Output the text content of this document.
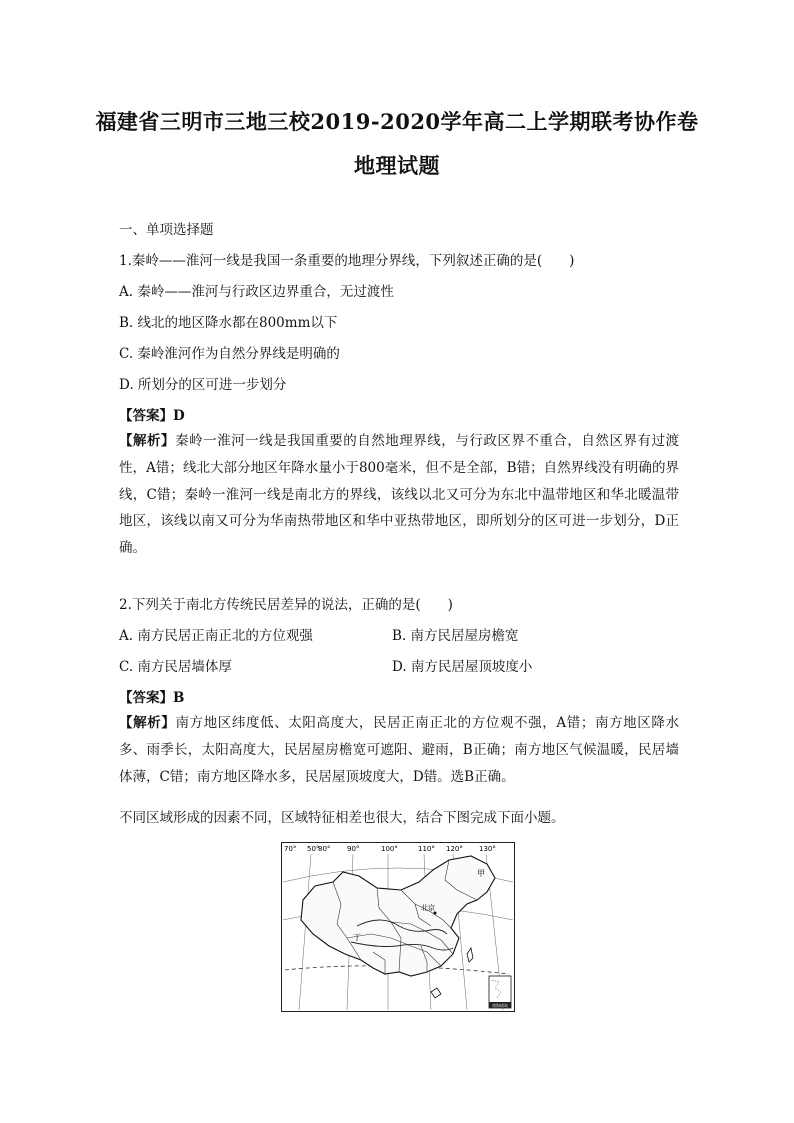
福建省三明市三地三校2019-2020学年高二上学期联考协作卷
地理试题
一、单项选择题
1.秦岭——淮河一线是我国一条重要的地理分界线，下列叙述正确的是(　　)
A. 秦岭——淮河与行政区边界重合，无过渡性
B. 线北的地区降水都在800mm以下
C. 秦岭淮河作为自然分界线是明确的
D. 所划分的区可进一步划分
【答案】D
【解析】秦岭一淮河一线是我国重要的自然地理界线，与行政区界不重合，自然区界有过渡性，A错；线北大部分地区年降水量小于800毫米，但不是全部，B错；自然界线没有明确的界线，C错；秦岭一淮河一线是南北方的界线，该线以北又可分为东北中温带地区和华北暖温带地区，该线以南又可分为华南热带地区和华中亚热带地区，即所划分的区可进一步划分，D正确。
2.下列关于南北方传统民居差异的说法，正确的是(　　)
A. 南方民居正南正北的方位观强	B. 南方民居屋房檐宽
C. 南方民居墙体厚	D. 南方民居屋顶坡度小
【答案】B
【解析】南方地区纬度低、太阳高度大，民居正南正北的方位观不强，A错；南方地区降水多、雨季长，太阳高度大，民居屋房檐宽可遮阳、避雨，B正确；南方地区气候温暖，民居墙体薄，C错；南方地区降水多，民居屋顶坡度大，D错。选B正确。
不同区域形成的因素不同，区域特征相差也很大，结合下图完成下面小题。
70° 50°
80° 90°	100°	110° 120° 130°
甲
北京
丁
南海诸岛
